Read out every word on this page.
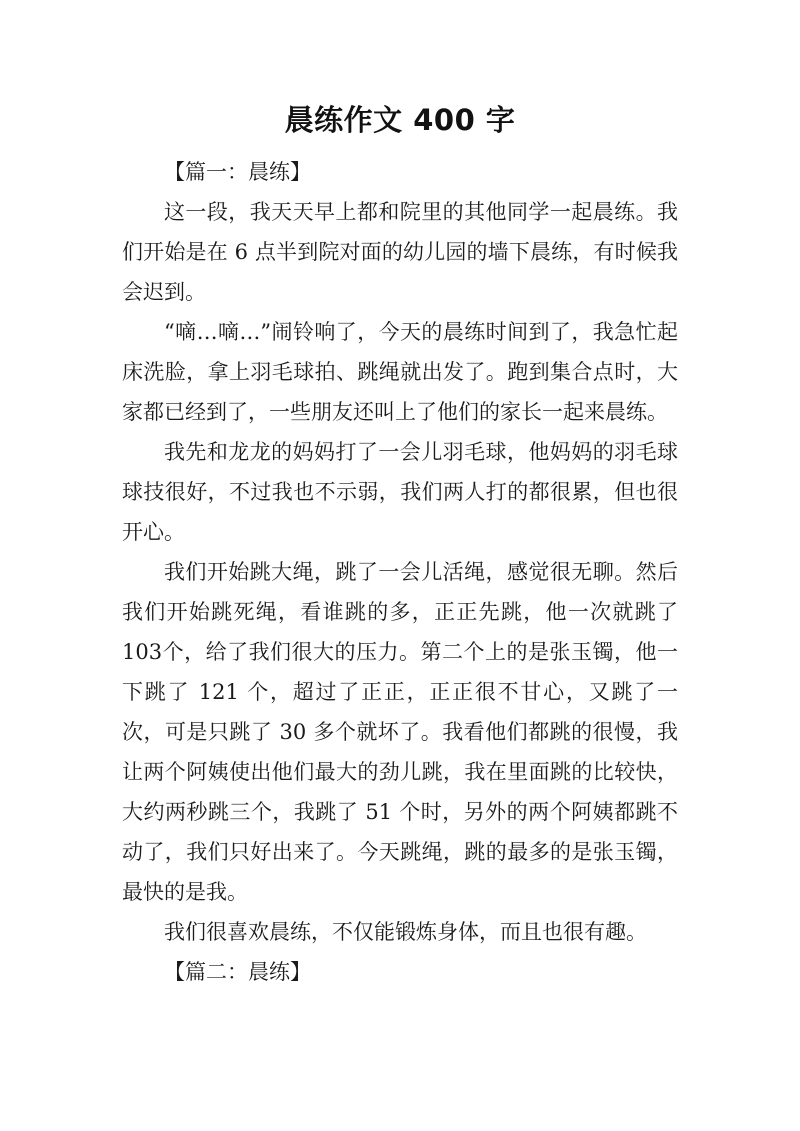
晨练作文 400 字

【篇一：晨练】

这一段，我天天早上都和院里的其他同学一起晨练。我们开始是在 6 点半到院对面的幼儿园的墙下晨练，有时候我会迟到。

“嘀…嘀…”闹铃响了，今天的晨练时间到了，我急忙起床洗脸，拿上羽毛球拍、跳绳就出发了。跑到集合点时，大家都已经到了，一些朋友还叫上了他们的家长一起来晨练。

我先和龙龙的妈妈打了一会儿羽毛球，他妈妈的羽毛球球技很好，不过我也不示弱，我们两人打的都很累，但也很开心。

我们开始跳大绳，跳了一会儿活绳，感觉很无聊。然后我们开始跳死绳，看谁跳的多，正正先跳，他一次就跳了 103个，给了我们很大的压力。第二个上的是张玉镯，他一下跳了 121 个，超过了正正，正正很不甘心，又跳了一次，可是只跳了 30 多个就坏了。我看他们都跳的很慢，我让两个阿姨使出他们最大的劲儿跳，我在里面跳的比较快，大约两秒跳三个，我跳了 51 个时，另外的两个阿姨都跳不动了，我们只好出来了。今天跳绳，跳的最多的是张玉镯，最快的是我。

我们很喜欢晨练，不仅能锻炼身体，而且也很有趣。

【篇二：晨练】
